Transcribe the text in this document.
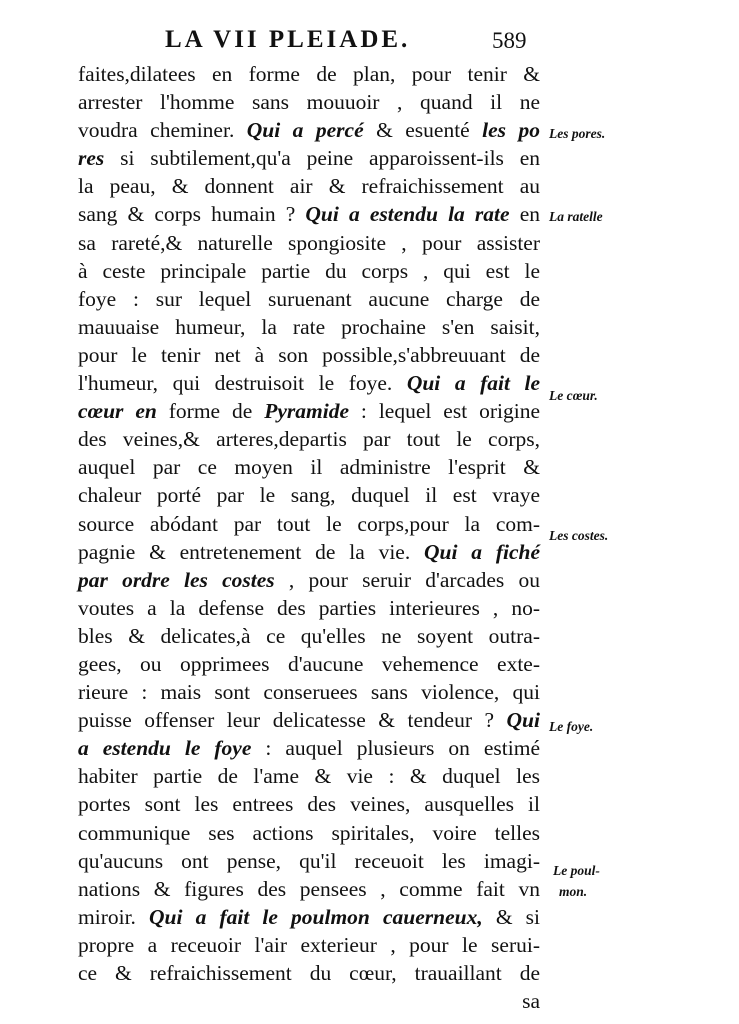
LA VII PLEIADE.	589
faites,dilatees en forme de plan, pour tenir &
arrester l'homme sans mouuoir , quand il ne
voudra cheminer. Qui a percé & esuenté les po
res si subtilement,qu'a peine apparoissent-ils en
la peau, & donnent air & refraichissement au
sang & corps humain ? Qui a estendu la rate en
sa rareté,& naturelle spongiosite , pour assister
à ceste principale partie du corps , qui est le
foye : sur lequel suruenant aucune charge de
mauuaise humeur, la rate prochaine s'en saisit,
pour le tenir net à son possible,s'abbreuuant de
l'humeur, qui destruisoit le foye. Qui a fait le
cœur en forme de Pyramide : lequel est origine
des veines,& arteres,departis par tout le corps,
auquel par ce moyen il administre l'esprit &
chaleur porté par le sang, duquel il est vraye
source abódant par tout le corps,pour la com-
pagnie & entretenement de la vie. Qui a fiché
par ordre les costes , pour seruir d'arcades ou
voutes a la defense des parties interieures , no-
bles & delicates,à ce qu'elles ne soyent outra-
gees, ou opprimees d'aucune vehemence exte-
rieure : mais sont conseruees sans violence, qui
puisse offenser leur delicatesse & tendeur ? Qui
a estendu le foye : auquel plusieurs on estimé
habiter partie de l'ame & vie : & duquel les
portes sont les entrees des veines, ausquelles il
communique ses actions spiritales, voire telles
qu'aucuns ont pense, qu'il receuoit les imagi-
nations & figures des pensees , comme fait vn
miroir. Qui a fait le poulmon cauerneux, & si
propre a receuoir l'air exterieur , pour le serui-
ce & refraichissement du cœur, trauaillant de
sa
Les pores.
La ratelle
Le cœur.
Les costes.
Le foye.
Le poul-
mon.
